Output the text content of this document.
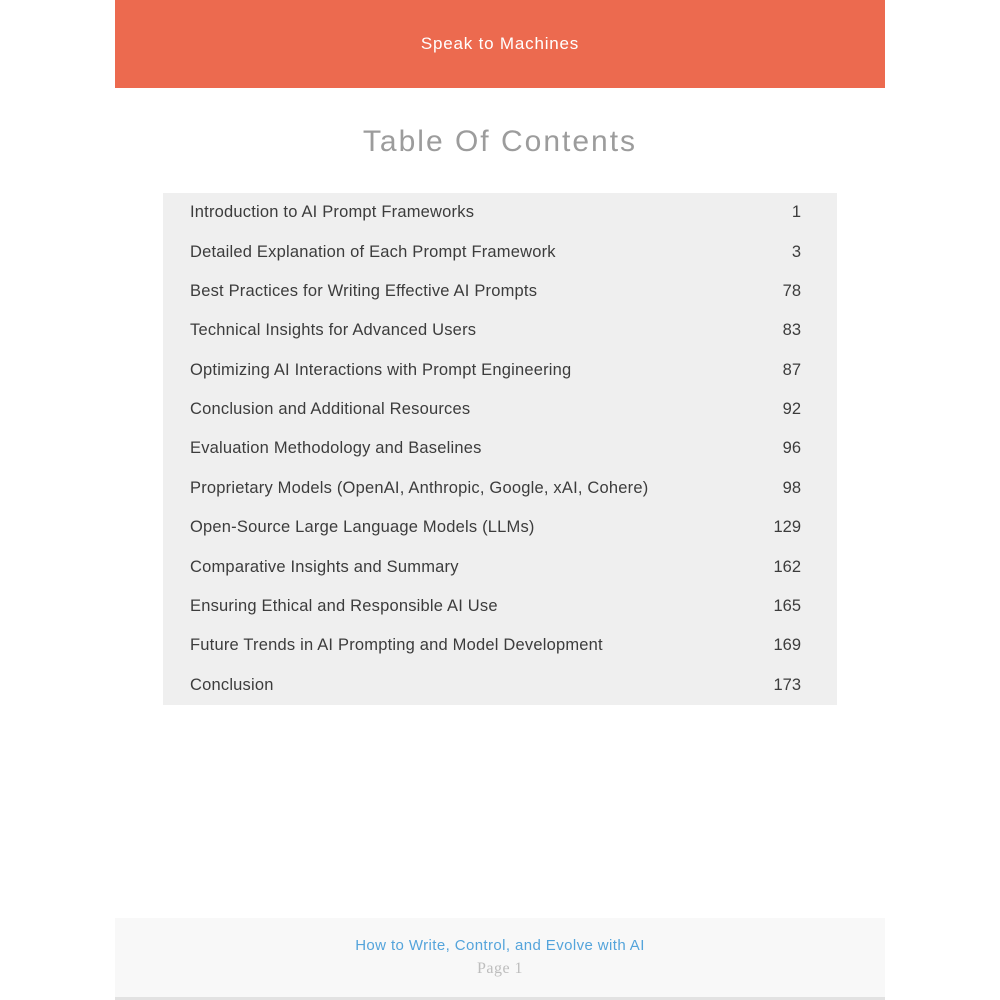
Speak to Machines
Table Of Contents
Introduction to AI Prompt Frameworks	1
Detailed Explanation of Each Prompt Framework	3
Best Practices for Writing Effective AI Prompts	78
Technical Insights for Advanced Users	83
Optimizing AI Interactions with Prompt Engineering	87
Conclusion and Additional Resources	92
Evaluation Methodology and Baselines	96
Proprietary Models (OpenAI, Anthropic, Google, xAI, Cohere)	98
Open-Source Large Language Models (LLMs)	129
Comparative Insights and Summary	162
Ensuring Ethical and Responsible AI Use	165
Future Trends in AI Prompting and Model Development	169
Conclusion	173
How to Write, Control, and Evolve with AI
Page 1
